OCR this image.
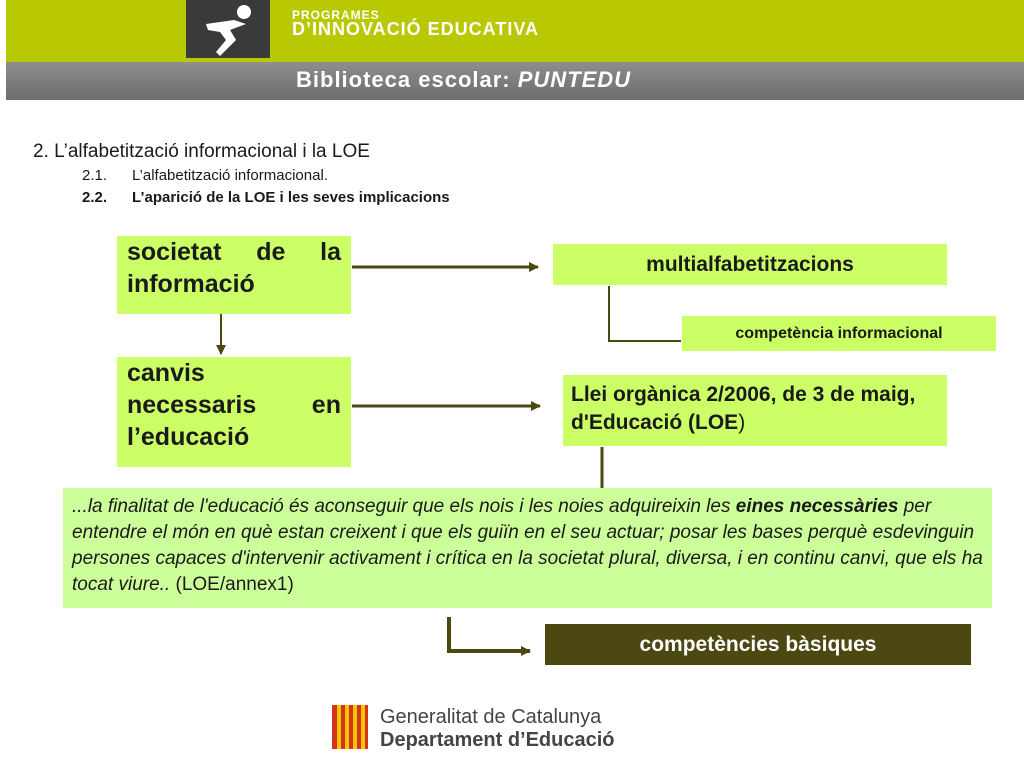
PROGRAMES
D’INNOVACIÓ EDUCATIVA
Biblioteca escolar: PUNTEDU
2. L’alfabetització informacional i la LOE
2.1. L’alfabetització informacional.
2.2. L’aparició de la LOE i les seves implicacions
societat de la
informació
canvis
necessaris en
l’educació
multialfabetitzacions
competència informacional
Llei orgànica 2/2006, de 3 de maig, d'Educació (LOE)
...la finalitat de l'educació és aconseguir que els nois i les noies adquireixin les eines necessàries per entendre el món en què estan creixent i que els guiïn en el seu actuar; posar les bases perquè esdevinguin persones capaces d'intervenir activament i crítica en la societat plural, diversa, i en continu canvi, que els ha tocat viure.. (LOE/annex1)
competències bàsiques
Generalitat de Catalunya
Departament d’Educació
